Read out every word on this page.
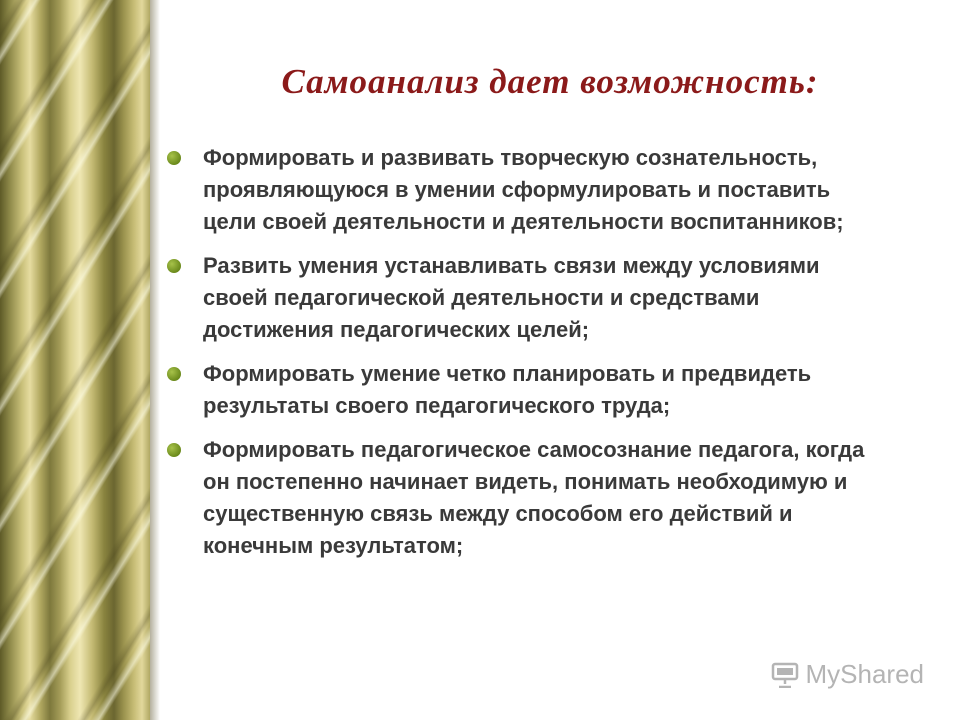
Самоанализ дает возможность:
Формировать и развивать творческую сознательность, проявляющуюся в умении сформулировать и поставить цели своей деятельности и деятельности воспитанников;
Развить умения устанавливать связи между условиями своей педагогической деятельности и средствами достижения педагогических целей;
Формировать умение четко планировать и предвидеть результаты своего педагогического труда;
Формировать педагогическое самосознание педагога, когда он постепенно начинает видеть, понимать необходимую и существенную связь между способом его действий и конечным результатом;
MyShared
